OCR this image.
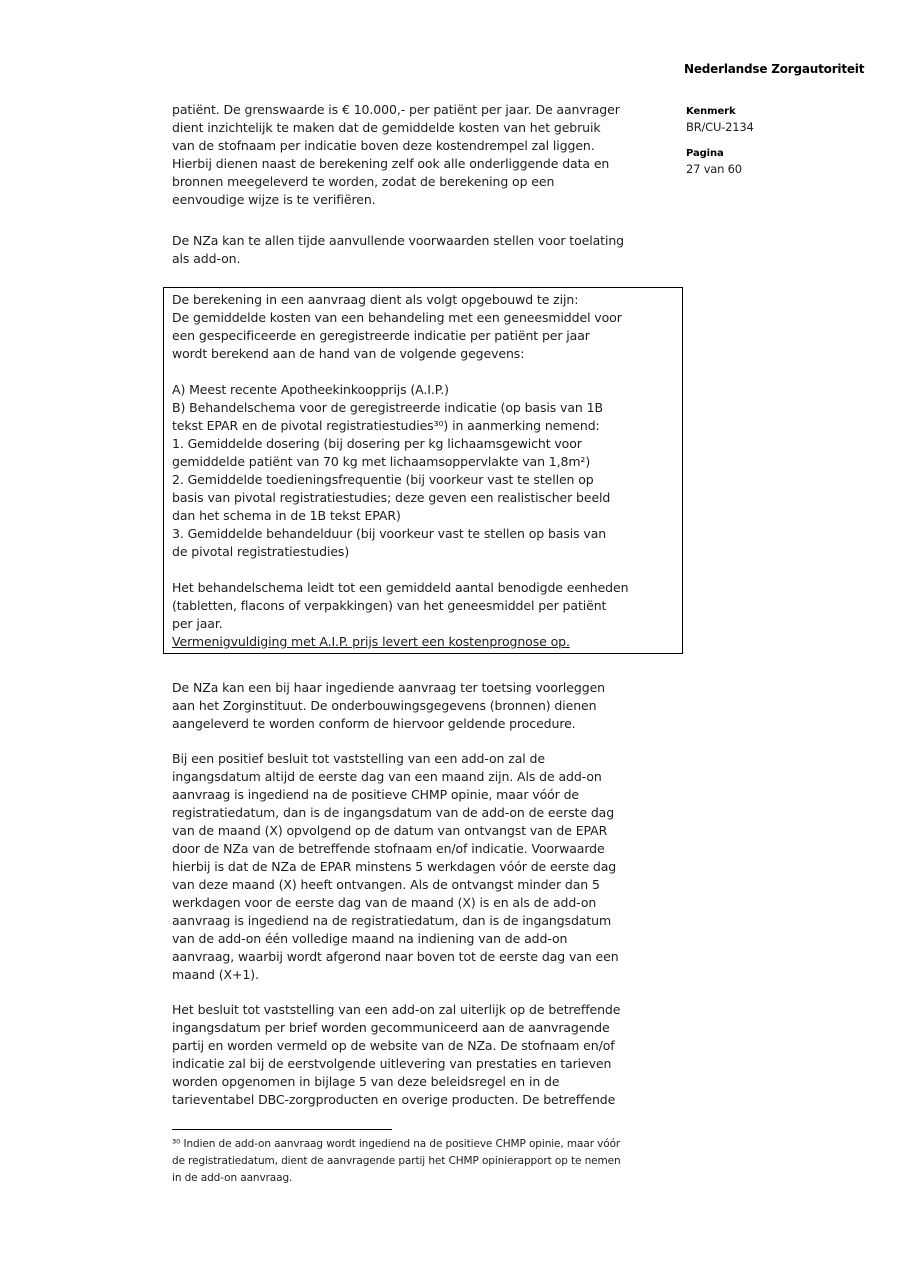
Nederlandse Zorgautoriteit
Kenmerk
BR/CU-2134
Pagina
27 van 60
patiënt. De grenswaarde is € 10.000,- per patiënt per jaar. De aanvrager
dient inzichtelijk te maken dat de gemiddelde kosten van het gebruik
van de stofnaam per indicatie boven deze kostendrempel zal liggen.
Hierbij dienen naast de berekening zelf ook alle onderliggende data en
bronnen meegeleverd te worden, zodat de berekening op een
eenvoudige wijze is te verifiëren.
De NZa kan te allen tijde aanvullende voorwaarden stellen voor toelating
als add-on.
De berekening in een aanvraag dient als volgt opgebouwd te zijn:
De gemiddelde kosten van een behandeling met een geneesmiddel voor
een gespecificeerde en geregistreerde indicatie per patiënt per jaar
wordt berekend aan de hand van de volgende gegevens:

A) Meest recente Apotheekinkoopprijs (A.I.P.)
B) Behandelschema voor de geregistreerde indicatie (op basis van 1B
tekst EPAR en de pivotal registratiestudies³⁰) in aanmerking nemend:
1. Gemiddelde dosering (bij dosering per kg lichaamsgewicht voor
gemiddelde patiënt van 70 kg met lichaamsoppervlakte van 1,8m²)
2. Gemiddelde toedieningsfrequentie (bij voorkeur vast te stellen op
basis van pivotal registratiestudies; deze geven een realistischer beeld
dan het schema in de 1B tekst EPAR)
3. Gemiddelde behandelduur (bij voorkeur vast te stellen op basis van
de pivotal registratiestudies)

Het behandelschema leidt tot een gemiddeld aantal benodigde eenheden
(tabletten, flacons of verpakkingen) van het geneesmiddel per patiënt
per jaar.
Vermenigvuldiging met A.I.P. prijs levert een kostenprognose op.
De NZa kan een bij haar ingediende aanvraag ter toetsing voorleggen
aan het Zorginstituut. De onderbouwingsgegevens (bronnen) dienen
aangeleverd te worden conform de hiervoor geldende procedure.
Bij een positief besluit tot vaststelling van een add-on zal de
ingangsdatum altijd de eerste dag van een maand zijn. Als de add-on
aanvraag is ingediend na de positieve CHMP opinie, maar vóór de
registratiedatum, dan is de ingangsdatum van de add-on de eerste dag
van de maand (X) opvolgend op de datum van ontvangst van de EPAR
door de NZa van de betreffende stofnaam en/of indicatie. Voorwaarde
hierbij is dat de NZa de EPAR minstens 5 werkdagen vóór de eerste dag
van deze maand (X) heeft ontvangen. Als de ontvangst minder dan 5
werkdagen voor de eerste dag van de maand (X) is en als de add-on
aanvraag is ingediend na de registratiedatum, dan is de ingangsdatum
van de add-on één volledige maand na indiening van de add-on
aanvraag, waarbij wordt afgerond naar boven tot de eerste dag van een
maand (X+1).
Het besluit tot vaststelling van een add-on zal uiterlijk op de betreffende
ingangsdatum per brief worden gecommuniceerd aan de aanvragende
partij en worden vermeld op de website van de NZa. De stofnaam en/of
indicatie zal bij de eerstvolgende uitlevering van prestaties en tarieven
worden opgenomen in bijlage 5 van deze beleidsregel en in de
tarieventabel DBC-zorgproducten en overige producten. De betreffende
³⁰ Indien de add-on aanvraag wordt ingediend na de positieve CHMP opinie, maar vóór
de registratiedatum, dient de aanvragende partij het CHMP opinierapport op te nemen
in de add-on aanvraag.
